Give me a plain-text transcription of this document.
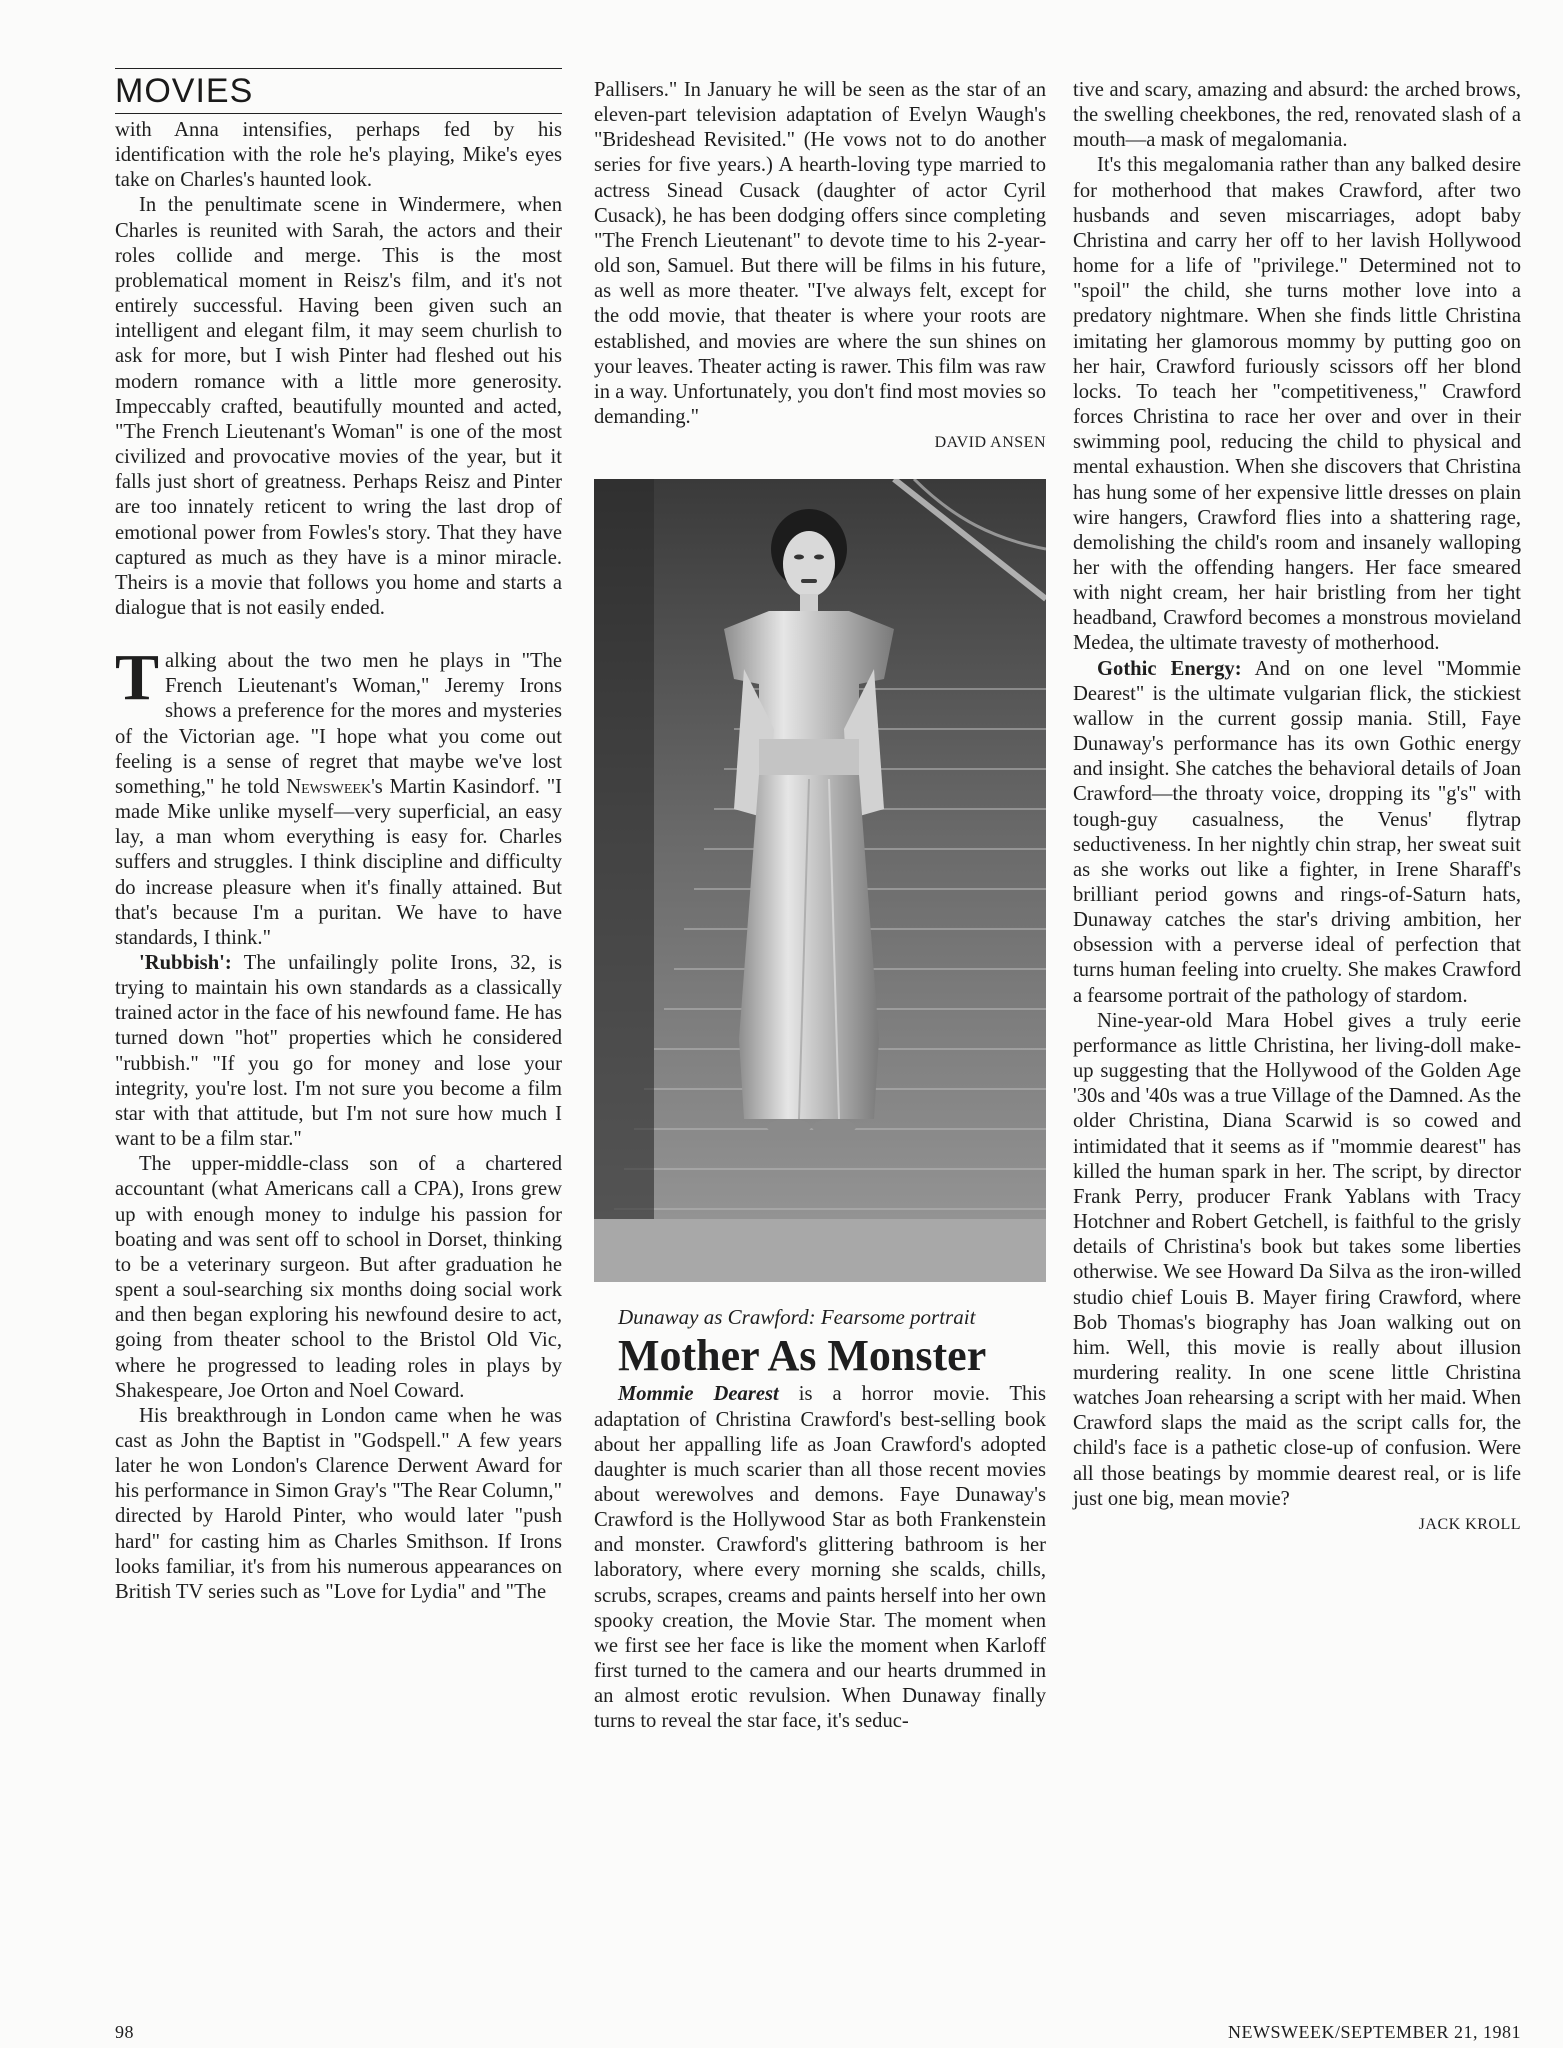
MOVIES

with Anna intensifies, perhaps fed by his identification with the role he's playing, Mike's eyes take on Charles's haunted look.

In the penultimate scene in Windermere, when Charles is reunited with Sarah, the actors and their roles collide and merge. This is the most problematical moment in Reisz's film, and it's not entirely successful. Having been given such an intelligent and elegant film, it may seem churlish to ask for more, but I wish Pinter had fleshed out his modern romance with a little more generosity. Impeccably crafted, beautifully mounted and acted, "The French Lieutenant's Woman" is one of the most civilized and provocative movies of the year, but it falls just short of greatness. Perhaps Reisz and Pinter are too innately reticent to wring the last drop of emotional power from Fowles's story. That they have captured as much as they have is a minor miracle. Theirs is a movie that follows you home and starts a dialogue that is not easily ended.

Talking about the two men he plays in "The French Lieutenant's Woman," Jeremy Irons shows a preference for the mores and mysteries of the Victorian age. "I hope what you come out feeling is a sense of regret that maybe we've lost something," he told Newsweek's Martin Kasindorf. "I made Mike unlike myself—very superficial, an easy lay, a man whom everything is easy for. Charles suffers and struggles. I think discipline and difficulty do increase pleasure when it's finally attained. But that's because I'm a puritan. We have to have standards, I think."

'Rubbish': The unfailingly polite Irons, 32, is trying to maintain his own standards as a classically trained actor in the face of his newfound fame. He has turned down "hot" properties which he considered "rubbish." "If you go for money and lose your integrity, you're lost. I'm not sure you become a film star with that attitude, but I'm not sure how much I want to be a film star."

The upper-middle-class son of a chartered accountant (what Americans call a CPA), Irons grew up with enough money to indulge his passion for boating and was sent off to school in Dorset, thinking to be a veterinary surgeon. But after graduation he spent a soul-searching six months doing social work and then began exploring his newfound desire to act, going from theater school to the Bristol Old Vic, where he progressed to leading roles in plays by Shakespeare, Joe Orton and Noel Coward.

His breakthrough in London came when he was cast as John the Baptist in "Godspell." A few years later he won London's Clarence Derwent Award for his performance in Simon Gray's "The Rear Column," directed by Harold Pinter, who would later "push hard" for casting him as Charles Smithson. If Irons looks familiar, it's from his numerous appearances on British TV series such as "Love for Lydia" and "The

Pallisers." In January he will be seen as the star of an eleven-part television adaptation of Evelyn Waugh's "Brideshead Revisited." (He vows not to do another series for five years.) A hearth-loving type married to actress Sinead Cusack (daughter of actor Cyril Cusack), he has been dodging offers since completing "The French Lieutenant" to devote time to his 2-year-old son, Samuel. But there will be films in his future, as well as more theater. "I've always felt, except for the odd movie, that theater is where your roots are established, and movies are where the sun shines on your leaves. Theater acting is rawer. This film was raw in a way. Unfortunately, you don't find most movies so demanding."

DAVID ANSEN

Dunaway as Crawford: Fearsome portrait

Mother As Monster

Mommie Dearest is a horror movie. This adaptation of Christina Crawford's best-selling book about her appalling life as Joan Crawford's adopted daughter is much scarier than all those recent movies about werewolves and demons. Faye Dunaway's Crawford is the Hollywood Star as both Frankenstein and monster. Crawford's glittering bathroom is her laboratory, where every morning she scalds, chills, scrubs, scrapes, creams and paints herself into her own spooky creation, the Movie Star. The moment when we first see her face is like the moment when Karloff first turned to the camera and our hearts drummed in an almost erotic revulsion. When Dunaway finally turns to reveal the star face, it's seduc-

tive and scary, amazing and absurd: the arched brows, the swelling cheekbones, the red, renovated slash of a mouth—a mask of megalomania.

It's this megalomania rather than any balked desire for motherhood that makes Crawford, after two husbands and seven miscarriages, adopt baby Christina and carry her off to her lavish Hollywood home for a life of "privilege." Determined not to "spoil" the child, she turns mother love into a predatory nightmare. When she finds little Christina imitating her glamorous mommy by putting goo on her hair, Crawford furiously scissors off her blond locks. To teach her "competitiveness," Crawford forces Christina to race her over and over in their swimming pool, reducing the child to physical and mental exhaustion. When she discovers that Christina has hung some of her expensive little dresses on plain wire hangers, Crawford flies into a shattering rage, demolishing the child's room and insanely walloping her with the offending hangers. Her face smeared with night cream, her hair bristling from her tight headband, Crawford becomes a monstrous movieland Medea, the ultimate travesty of motherhood.

Gothic Energy: And on one level "Mommie Dearest" is the ultimate vulgarian flick, the stickiest wallow in the current gossip mania. Still, Faye Dunaway's performance has its own Gothic energy and insight. She catches the behavioral details of Joan Crawford—the throaty voice, dropping its "g's" with tough-guy casualness, the Venus' flytrap seductiveness. In her nightly chin strap, her sweat suit as she works out like a fighter, in Irene Sharaff's brilliant period gowns and rings-of-Saturn hats, Dunaway catches the star's driving ambition, her obsession with a perverse ideal of perfection that turns human feeling into cruelty. She makes Crawford a fearsome portrait of the pathology of stardom.

Nine-year-old Mara Hobel gives a truly eerie performance as little Christina, her living-doll make-up suggesting that the Hollywood of the Golden Age '30s and '40s was a true Village of the Damned. As the older Christina, Diana Scarwid is so cowed and intimidated that it seems as if "mommie dearest" has killed the human spark in her. The script, by director Frank Perry, producer Frank Yablans with Tracy Hotchner and Robert Getchell, is faithful to the grisly details of Christina's book but takes some liberties otherwise. We see Howard Da Silva as the iron-willed studio chief Louis B. Mayer firing Crawford, where Bob Thomas's biography has Joan walking out on him. Well, this movie is really about illusion murdering reality. In one scene little Christina watches Joan rehearsing a script with her maid. When Crawford slaps the maid as the script calls for, the child's face is a pathetic close-up of confusion. Were all those beatings by mommie dearest real, or is life just one big, mean movie?

JACK KROLL

98	NEWSWEEK/SEPTEMBER 21, 1981
